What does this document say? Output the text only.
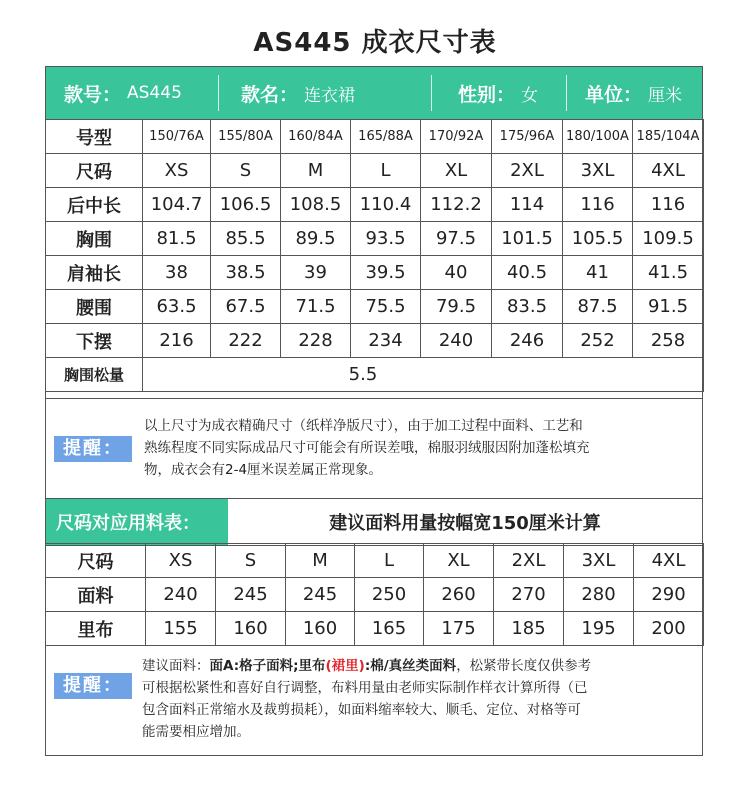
AS445 成衣尺寸表
款号： AS445	款名： 连衣裙	性别： 女 单位： 厘米
号型	150/76A	155/80A	160/84A	165/88A	170/92A	175/96A	180/100A	185/104A
尺码	XS	S	M	L	XL	2XL	3XL	4XL
后中长	104.7	106.5	108.5	110.4	112.2	114	116	116
胸围	81.5	85.5	89.5	93.5	97.5	101.5	105.5	109.5
肩袖长	38	38.5	39	39.5	40	40.5	41	41.5
腰围	63.5	67.5	71.5	75.5	79.5	83.5	87.5	91.5
下摆	216	222	228	234	240	246	252	258
胸围松量	5.5							
提醒：
以上尺寸为成衣精确尺寸（纸样净版尺寸），由于加工过程中面料、工艺和
熟练程度不同实际成品尺寸可能会有所误差哦，棉服羽绒服因附加蓬松填充
物，成衣会有2-4厘米误差属正常现象。
尺码对应用料表：	建议面料用量按幅宽150厘米计算
尺码	XS	S	M	L	XL	2XL	3XL	4XL
面料	240	245	245	250	260	270	280	290
里布	155	160	160	165	175	185	195	200
提醒：
建议面料：面A:格子面料;里布(裙里):棉/真丝类面料，松紧带长度仅供参考
可根据松紧性和喜好自行调整，布料用量由老师实际制作样衣计算所得（已
包含面料正常缩水及裁剪损耗），如面料缩率较大、顺毛、定位、对格等可
能需要相应增加。
